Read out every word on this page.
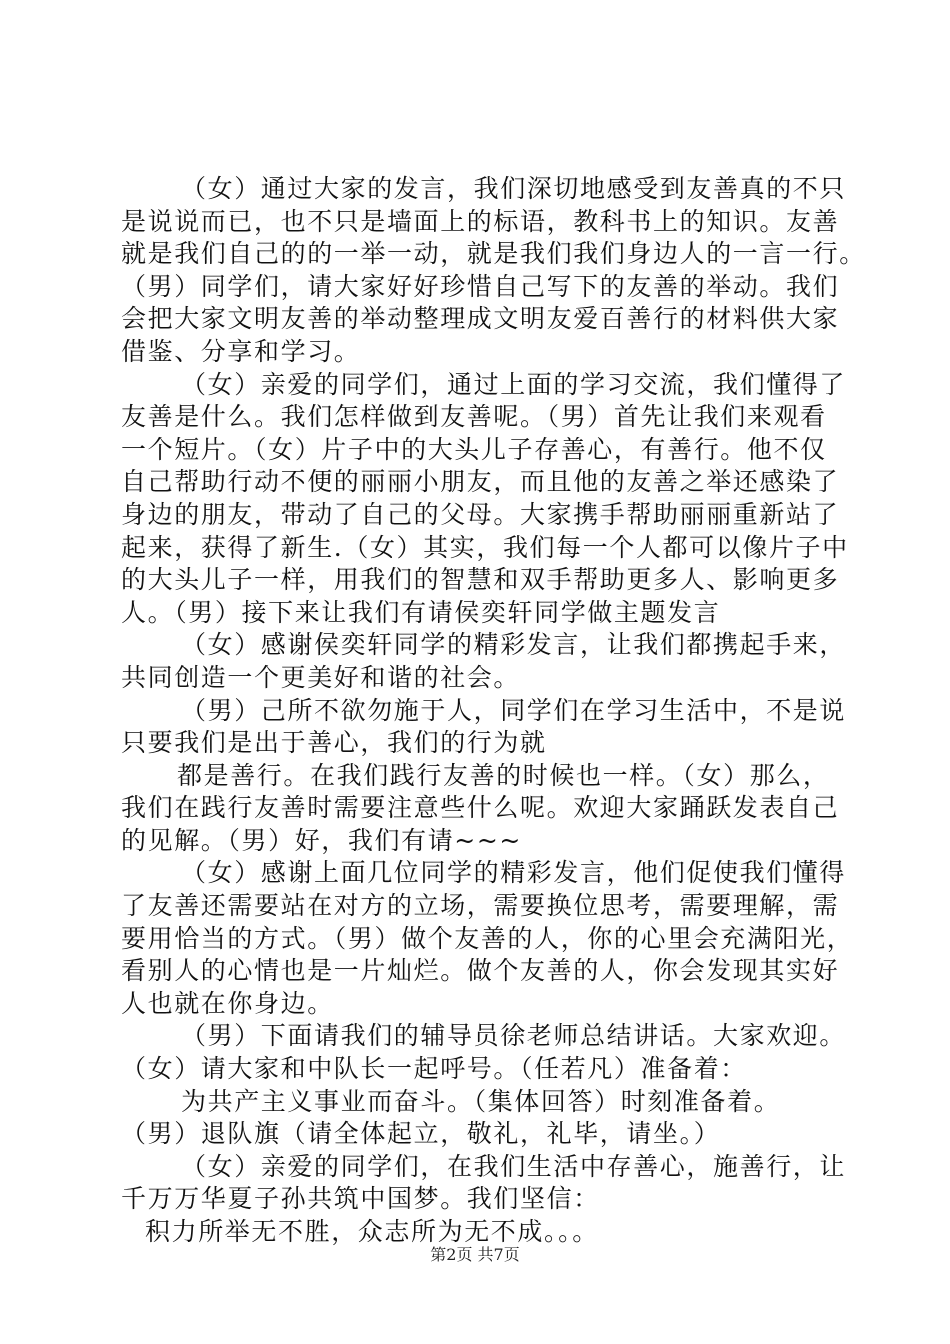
（女）通过大家的发言，我们深切地感受到友善真的不只
是说说而已，也不只是墙面上的标语，教科书上的知识。友善
就是我们自己的的一举一动，就是我们我们身边人的一言一行。
（男）同学们，请大家好好珍惜自己写下的友善的举动。我们
会把大家文明友善的举动整理成文明友爱百善行的材料供大家
借鉴、分享和学习。
（女）亲爱的同学们，通过上面的学习交流，我们懂得了
友善是什么。我们怎样做到友善呢。（男）首先让我们来观看
一个短片。（女）片子中的大头儿子存善心，有善行。他不仅
自己帮助行动不便的丽丽小朋友，而且他的友善之举还感染了
身边的朋友，带动了自己的父母。大家携手帮助丽丽重新站了
起来，获得了新生.（女）其实，我们每一个人都可以像片子中
的大头儿子一样，用我们的智慧和双手帮助更多人、影响更多
人。（男）接下来让我们有请侯奕轩同学做主题发言
（女）感谢侯奕轩同学的精彩发言，让我们都携起手来，
共同创造一个更美好和谐的社会。
（男）己所不欲勿施于人，同学们在学习生活中，不是说
只要我们是出于善心，我们的行为就
都是善行。在我们践行友善的时候也一样。（女）那么，
我们在践行友善时需要注意些什么呢。欢迎大家踊跃发表自己
的见解。（男）好，我们有请~~~
（女）感谢上面几位同学的精彩发言，他们促使我们懂得
了友善还需要站在对方的立场，需要换位思考，需要理解，需
要用恰当的方式。（男）做个友善的人，你的心里会充满阳光，
看别人的心情也是一片灿烂。做个友善的人，你会发现其实好
人也就在你身边。
（男）下面请我们的辅导员徐老师总结讲话。大家欢迎。
（女）请大家和中队长一起呼号。（任若凡）准备着：
为共产主义事业而奋斗。（集体回答）时刻准备着。
（男）退队旗（请全体起立，敬礼，礼毕，请坐。）
（女）亲爱的同学们，在我们生活中存善心，施善行，让
千万万华夏子孙共筑中国梦。我们坚信：
积力所举无不胜，众志所为无不成。。。
第2页 共7页
